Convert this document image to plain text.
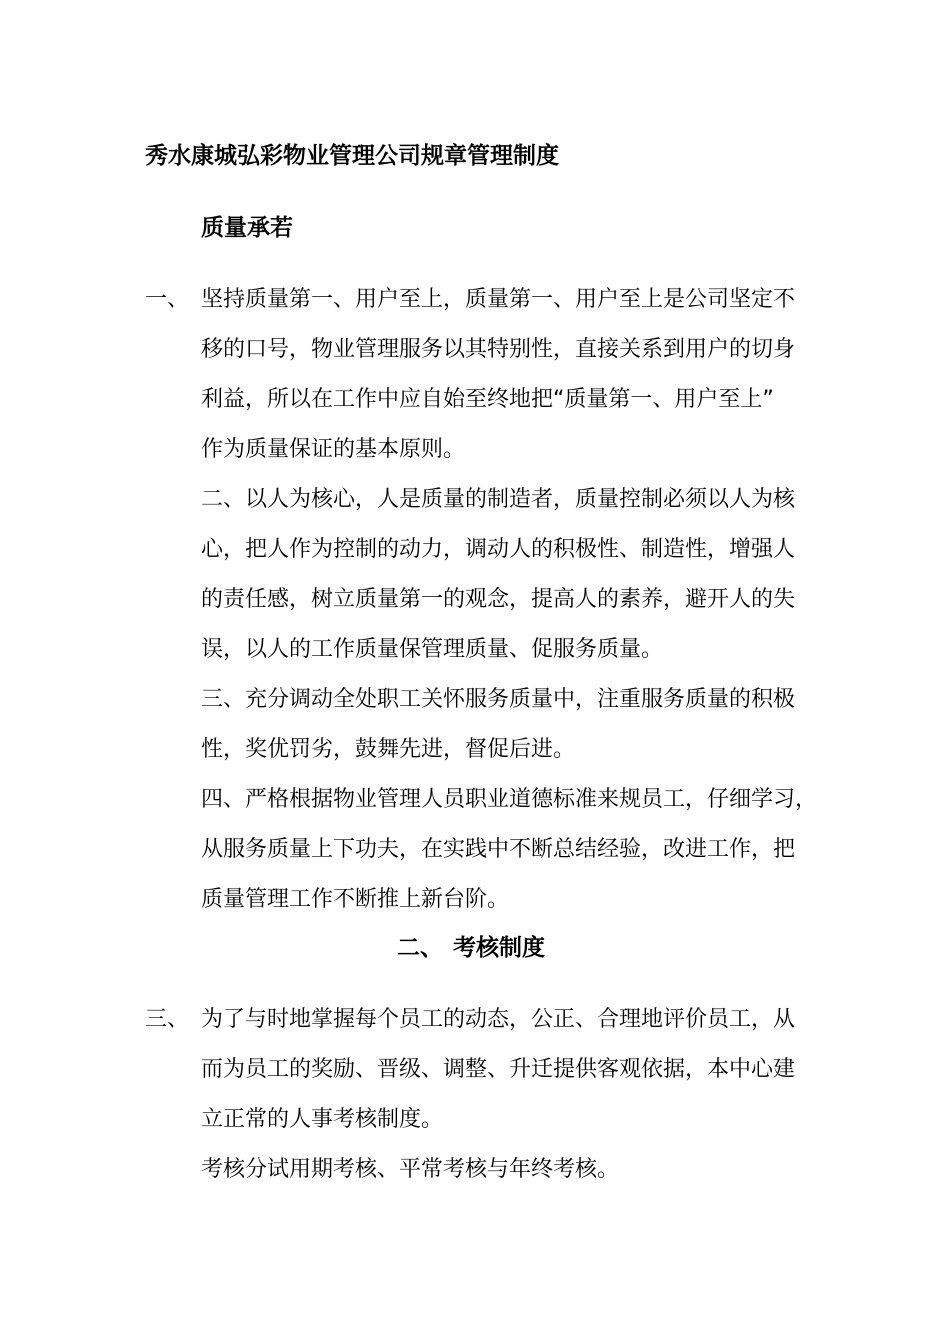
秀水康城弘彩物业管理公司规章管理制度
质量承若
一、 坚持质量第一、用户至上，质量第一、用户至上是公司坚定不
移的口号，物业管理服务以其特别性，直接关系到用户的切身
利益，所以在工作中应自始至终地把“质量第一、用户至上”
作为质量保证的基本原则。
二、以人为核心，人是质量的制造者，质量控制必须以人为核
心，把人作为控制的动力，调动人的积极性、制造性，增强人
的责任感，树立质量第一的观念，提高人的素养，避开人的失
误，以人的工作质量保管理质量、促服务质量。
三、充分调动全处职工关怀服务质量中，注重服务质量的积极
性，奖优罚劣，鼓舞先进，督促后进。
四、严格根据物业管理人员职业道德标准来规员工，仔细学习，
从服务质量上下功夫，在实践中不断总结经验，改进工作，把
质量管理工作不断推上新台阶。
二、 考核制度
三、 为了与时地掌握每个员工的动态，公正、合理地评价员工，从
而为员工的奖励、晋级、调整、升迁提供客观依据，本中心建
立正常的人事考核制度。
考核分试用期考核、平常考核与年终考核。
